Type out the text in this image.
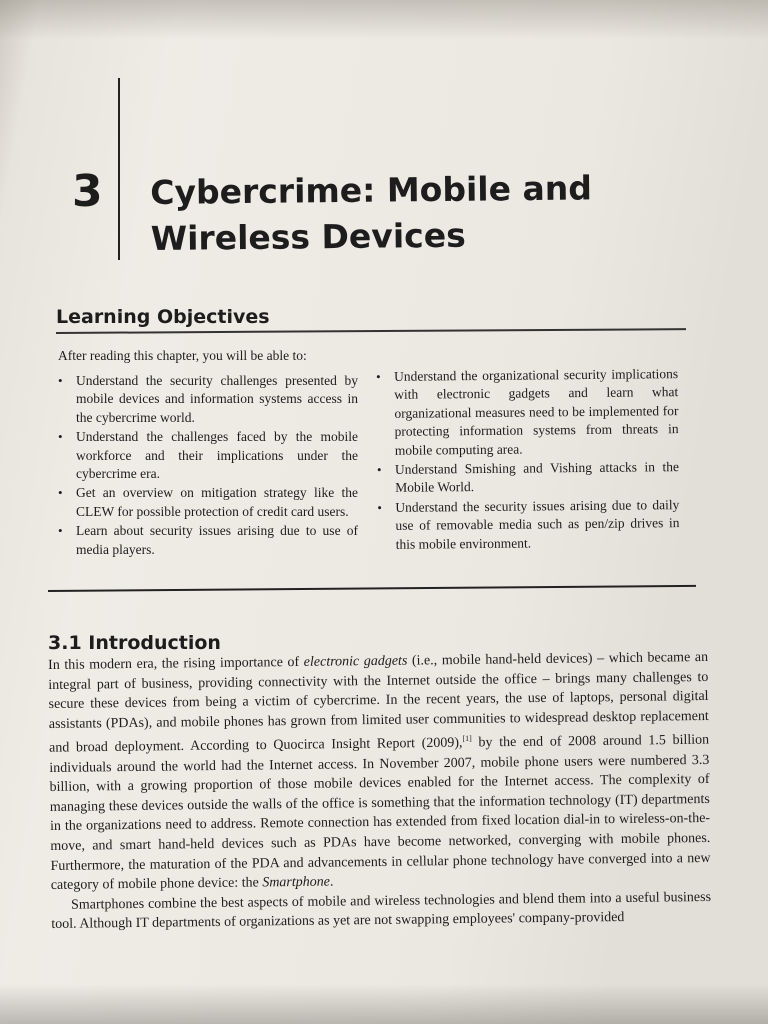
3 Cybercrime: Mobile and
Wireless Devices
Learning Objectives
After reading this chapter, you will be able to:
• Understand the security challenges presented by mobile devices and information systems access in the cybercrime world.
• Understand the challenges faced by the mobile workforce and their implications under the cybercrime era.
• Get an overview on mitigation strategy like the CLEW for possible protection of credit card users.
• Learn about security issues arising due to use of media players.
• Understand the organizational security implications with electronic gadgets and learn what organizational measures need to be implemented for protecting information systems from threats in mobile computing area.
• Understand Smishing and Vishing attacks in the Mobile World.
• Understand the security issues arising due to daily use of removable media such as pen/zip drives in this mobile environment.
3.1 Introduction

In this modern era, the rising importance of electronic gadgets (i.e., mobile hand-held devices) – which became an integral part of business, providing connectivity with the Internet outside the office – brings many challenges to secure these devices from being a victim of cybercrime. In the recent years, the use of laptops, personal digital assistants (PDAs), and mobile phones has grown from limited user communities to widespread desktop replacement and broad deployment. According to Quocirca Insight Report (2009),[1] by the end of 2008 around 1.5 billion individuals around the world had the Internet access. In November 2007, mobile phone users were numbered 3.3 billion, with a growing proportion of those mobile devices enabled for the Internet access. The complexity of managing these devices outside the walls of the office is something that the information technology (IT) departments in the organizations need to address. Remote connection has extended from fixed location dial-in to wireless-on-the-move, and smart hand-held devices such as PDAs have become networked, converging with mobile phones. Furthermore, the maturation of the PDA and advancements in cellular phone technology have converged into a new category of mobile phone device: the Smartphone.

Smartphones combine the best aspects of mobile and wireless technologies and blend them into a useful business tool. Although IT departments of organizations as yet are not swapping employees' company-provided
